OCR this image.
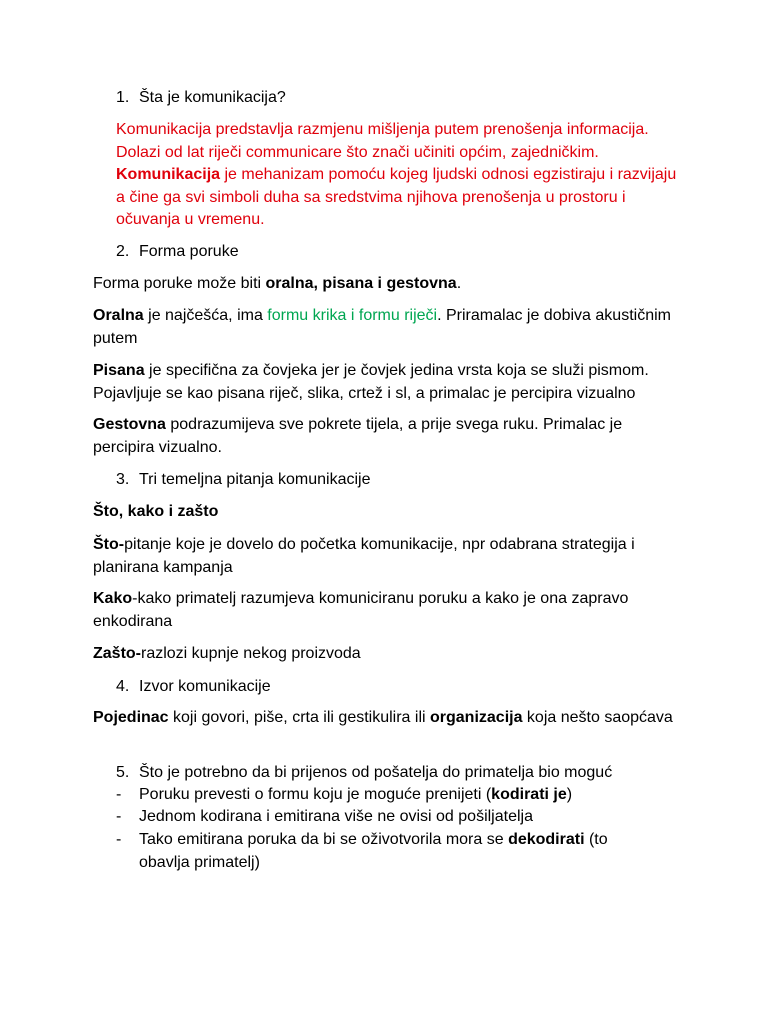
1. Šta je komunikacija?

Komunikacija predstavlja razmjenu mišljenja putem prenošenja informacija.
Dolazi od lat riječi communicare što znači učiniti općim, zajedničkim.
Komunikacija je mehanizam pomoću kojeg ljudski odnosi egzistiraju i razvijaju a čine ga svi simboli duha sa sredstvima njihova prenošenja u prostoru i očuvanja u vremenu.

2. Forma poruke

Forma poruke može biti oralna, pisana i gestovna.

Oralna je najčešća, ima formu krika i formu riječi. Priramalac je dobiva akustičnim putem

Pisana je specifična za čovjeka jer je čovjek jedina vrsta koja se služi pismom. Pojavljuje se kao pisana riječ, slika, crtež i sl, a primalac je percipira vizualno

Gestovna podrazumijeva sve pokrete tijela, a prije svega ruku. Primalac je percipira vizualno.

3. Tri temeljna pitanja komunikacije

Što, kako i zašto

Što-pitanje koje je dovelo do početka komunikacije, npr odabrana strategija i planirana kampanja

Kako-kako primatelj razumjeva komuniciranu poruku a kako je ona zapravo enkodirana

Zašto-razlozi kupnje nekog proizvoda

4. Izvor komunikacije

Pojedinac koji govori, piše, crta ili gestikulira ili organizacija koja nešto saopćava

5. Što je potrebno da bi prijenos od pošatelja do primatelja bio moguć
- Poruku prevesti o formu koju je moguće prenijeti (kodirati je)
- Jednom kodirana i emitirana više ne ovisi od pošiljatelja
- Tako emitirana poruka da bi se oživotvorila mora se dekodirati (to obavlja primatelj)
